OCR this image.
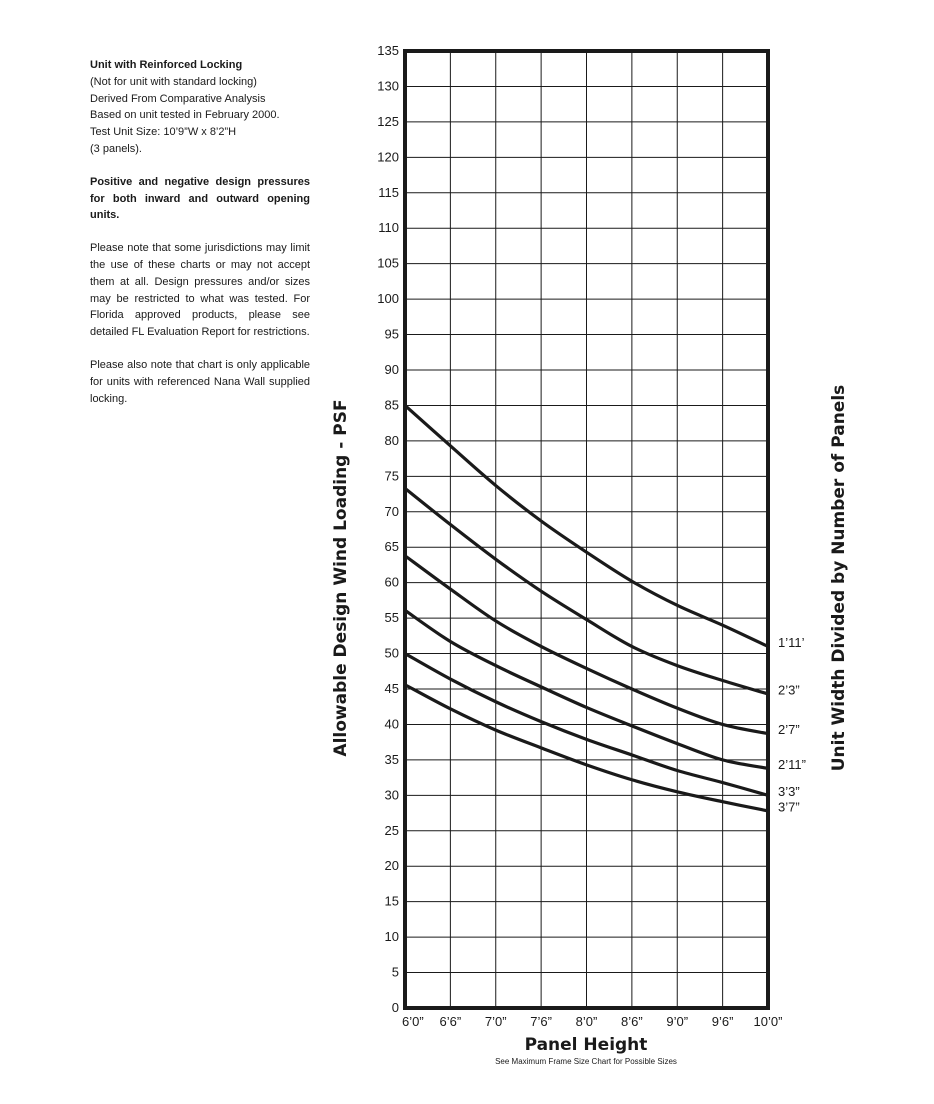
Unit with Reinforced Locking
(Not for unit with standard locking)
Derived From Comparative Analysis
Based on unit tested in February 2000.
Test Unit Size: 10’9”W x 8’2”H
(3 panels).

Positive and negative design pressures for both inward and outward opening units.

Please note that some jurisdictions may limit the use of these charts or may not accept them at all. Design pressures and/or sizes may be restricted to what was tested. For Florida approved products, please see detailed FL Evaluation Report for restrictions.

Please also note that chart is only applicable for units with referenced Nana Wall supplied locking.

0
5
10
15
20
25
30
35
40
45
50
55
60
65
70
75
80
85
90
95
100
105
110
115
120
125
130
135
6’0” 6’6” 7’0” 7’6” 8’0” 8’6” 9’0” 9’6” 10’0”
1’11’
2’3”
2’7”
2’11”
3’3”
3’7”
Allowable Design Wind Loading - PSF	Unit Width Divided by Number of Panels
Panel Height
See Maximum Frame Size Chart for Possible Sizes
